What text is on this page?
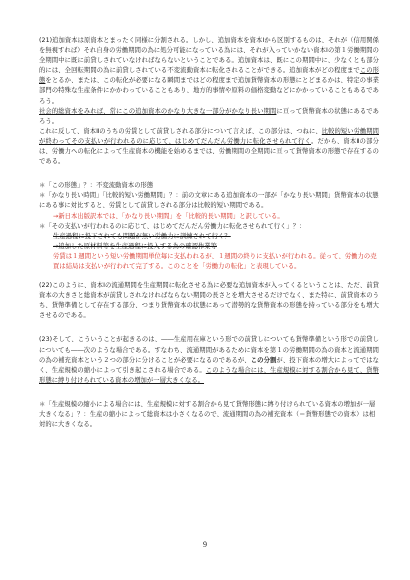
(21)追加資本は原資本とまったく同様に分割される。しかし、追加資本を資本Ⅰから区別するものは、それが（信用関係を無視すれば）それ自身の労働期間の為に処分可能になっている為には、それが入っていかない資本Ⅰの第１労働期間の全期間中に既に前貸しされていなければならないということである。追加資本は、既にこの期間中に、少なくとも部分的には、全回転期間の為に前貸しされている不変流動資本に転化されることができる。追加資本がどの程度までこの形態をとるか、または、この転化が必要になる瞬間まではどの程度まで追加貨幣資本の形態にとどまるかは、特定の事業部門の特殊な生産条件にかかわっていることもあり、地方的事情や原料の価格変動などにかかっていることもあるであろう。
社会的総資本をみれば、常にこの追加資本のかなり大きな一部分がかなり長い期間に亘って貨幣資本の状態にあるであろう。
これに反して、資本Ⅱのうちの労賃として前貸しされる部分について言えば、この部分は、つねに、比較的短い労働期間が終わってその支払いが行われるのに応じて、はじめてだんだん労働力に転化させられて行く。だから、資本Ⅱの部分は、労働力への転化によって生産資本の機能を始めるまでは、労働期間の全期間に亘って貨幣資本の形態で存在するのである。

＊「この形態」？：不変流動資本の形態

＊「かなり長い時間」「比較的短い労働期間」？：前の文章にある追加資本の一部が「かなり長い期間」貨幣資本の状態にある事に対比すると、労賃として前貸しされる部分は比較的短い期間である。

→新日本出版訳本では、「かなり長い期間」を「比較的長い期間」と訳している。

＊「その支払いが行われるのに応じて、はじめてだんだん労働力に転化させられて行く」？：

生産過程に投下されても問題が無い労働力に訓練されて行く？

→追加した原材料等を生産過程に投入する為の確認作業等

労賃は１週間という短い労働期間単位毎に支払われるが、１週間の終りに支払いが行われる。従って、労働力の売買は結局は支払いが行われて完了する。このことを「労働力の転化」と表現している。

(22)このように、資本Ⅰの流通期間を生産期間に転化させる為に必要な追加資本が入ってくるということは、ただ、前貸資本の大きさと総資本が前貸しされなければならない期間の長さとを増大させるだけでなく、また特に、前貸資本のうち、貨幣準備として存在する部分、つまり貨幣資本の状態にあって潜勢的な貨幣資本の形態を持っている部分をも増大させるのである。

(23)そして、こういうことが起きるのは、――生産用在庫という形での前貸しについても貨幣準備という形での前貸しについても――次のような場合である。すなわち、流通期間があるために資本を第１の労働期間の為の資本と流通期間の為の補充資本という２つの部分に分けることが必要になるのであるが、この分割が、投下資本の増大によってではなく、生産規模の縮小によって引き起こされる場合である。このような場合には、生産規模に対する割合から見て、貨幣形態に縛り付けられている資本の増加が一層大きくなる。

＊「生産規模の縮小による場合には、生産規模に対する割合から見て貨幣形態に縛り付けられている資本の増加が一層大きくなる」？：生産の縮小によって総資本は小さくなるので、流通期間の為の補充資本（＝貨幣形態での資本）は相対的に大きくなる。

9
